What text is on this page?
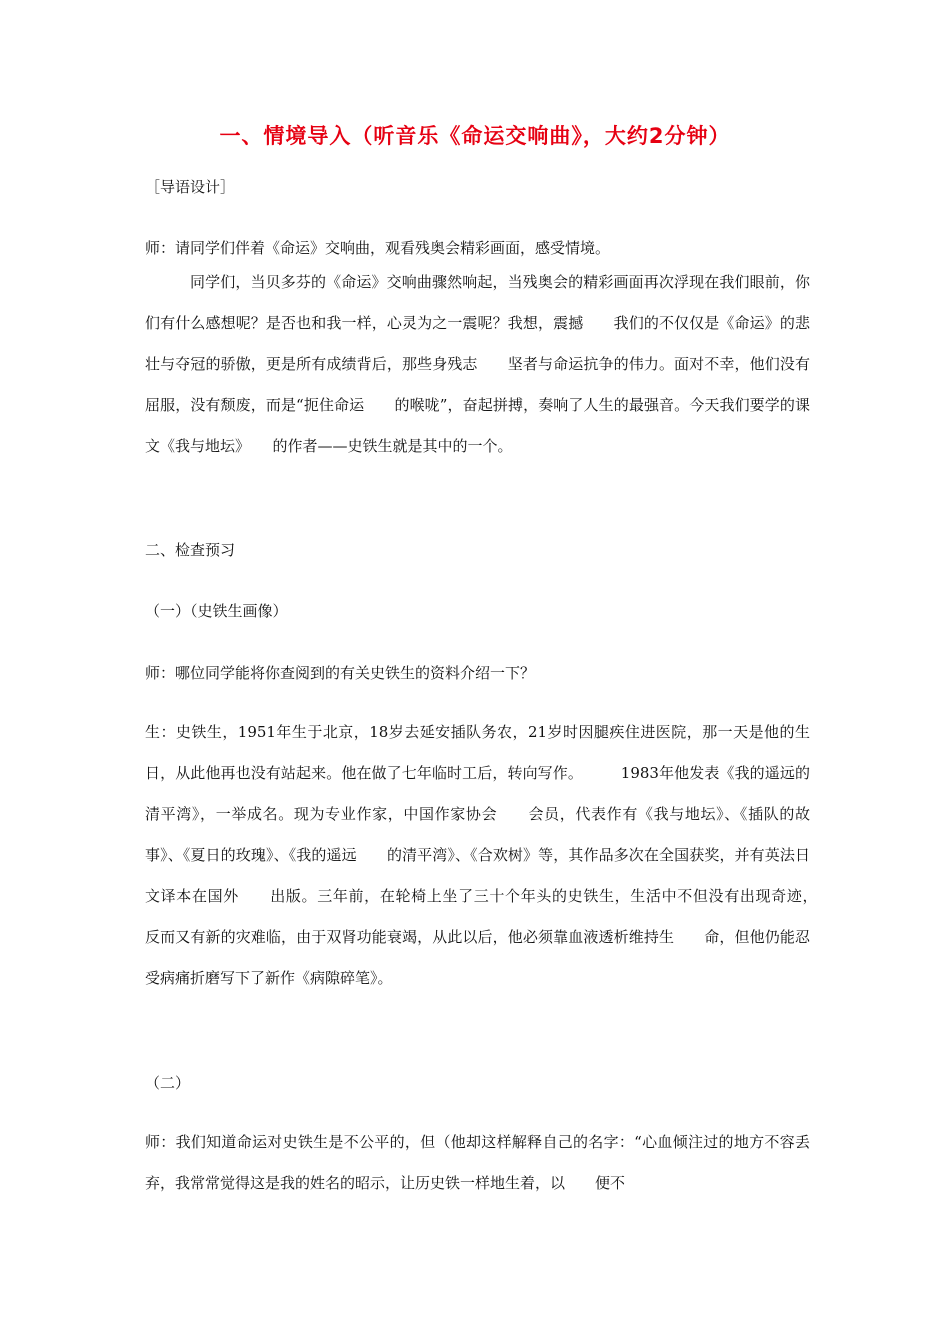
一、情境导入（听音乐《命运交响曲》，大约2分钟）
［导语设计］
师：请同学们伴着《命运》交响曲，观看残奥会精彩画面，感受情境。
同学们，当贝多芬的《命运》交响曲骤然响起，当残奥会的精彩画面再次浮现在我们眼前，你们有什么感想呢？是否也和我一样，心灵为之一震呢？我想，震撼　　我们的不仅仅是《命运》的悲壮与夺冠的骄傲，更是所有成绩背后，那些身残志　　坚者与命运抗争的伟力。面对不幸，他们没有屈服，没有颓废，而是“扼住命运　　的喉咙”，奋起拼搏，奏响了人生的最强音。今天我们要学的课文《我与地坛》　　的作者——史铁生就是其中的一个。
二、检查预习
（一）（史铁生画像）
师：哪位同学能将你查阅到的有关史铁生的资料介绍一下？
生：史铁生，1951年生于北京，18岁去延安插队务农，21岁时因腿疾住进医院，那一天是他的生日，从此他再也没有站起来。他在做了七年临时工后，转向写作。　　　1983年他发表《我的遥远的清平湾》，一举成名。现为专业作家，中国作家协会　　会员，代表作有《我与地坛》、《插队的故事》、《夏日的玫瑰》、《我的遥远　　的清平湾》、《合欢树》等，其作品多次在全国获奖，并有英法日文译本在国外　　出版。三年前，在轮椅上坐了三十个年头的史铁生，生活中不但没有出现奇迹，　　反而又有新的灾难临，由于双肾功能衰竭，从此以后，他必须靠血液透析维持生　　命，但他仍能忍受病痛折磨写下了新作《病隙碎笔》。
（二）
师：我们知道命运对史铁生是不公平的，但（他却这样解释自己的名字：“心血倾注过的地方不容丢弃，我常常觉得这是我的姓名的昭示，让历史铁一样地生着，以　　便不
